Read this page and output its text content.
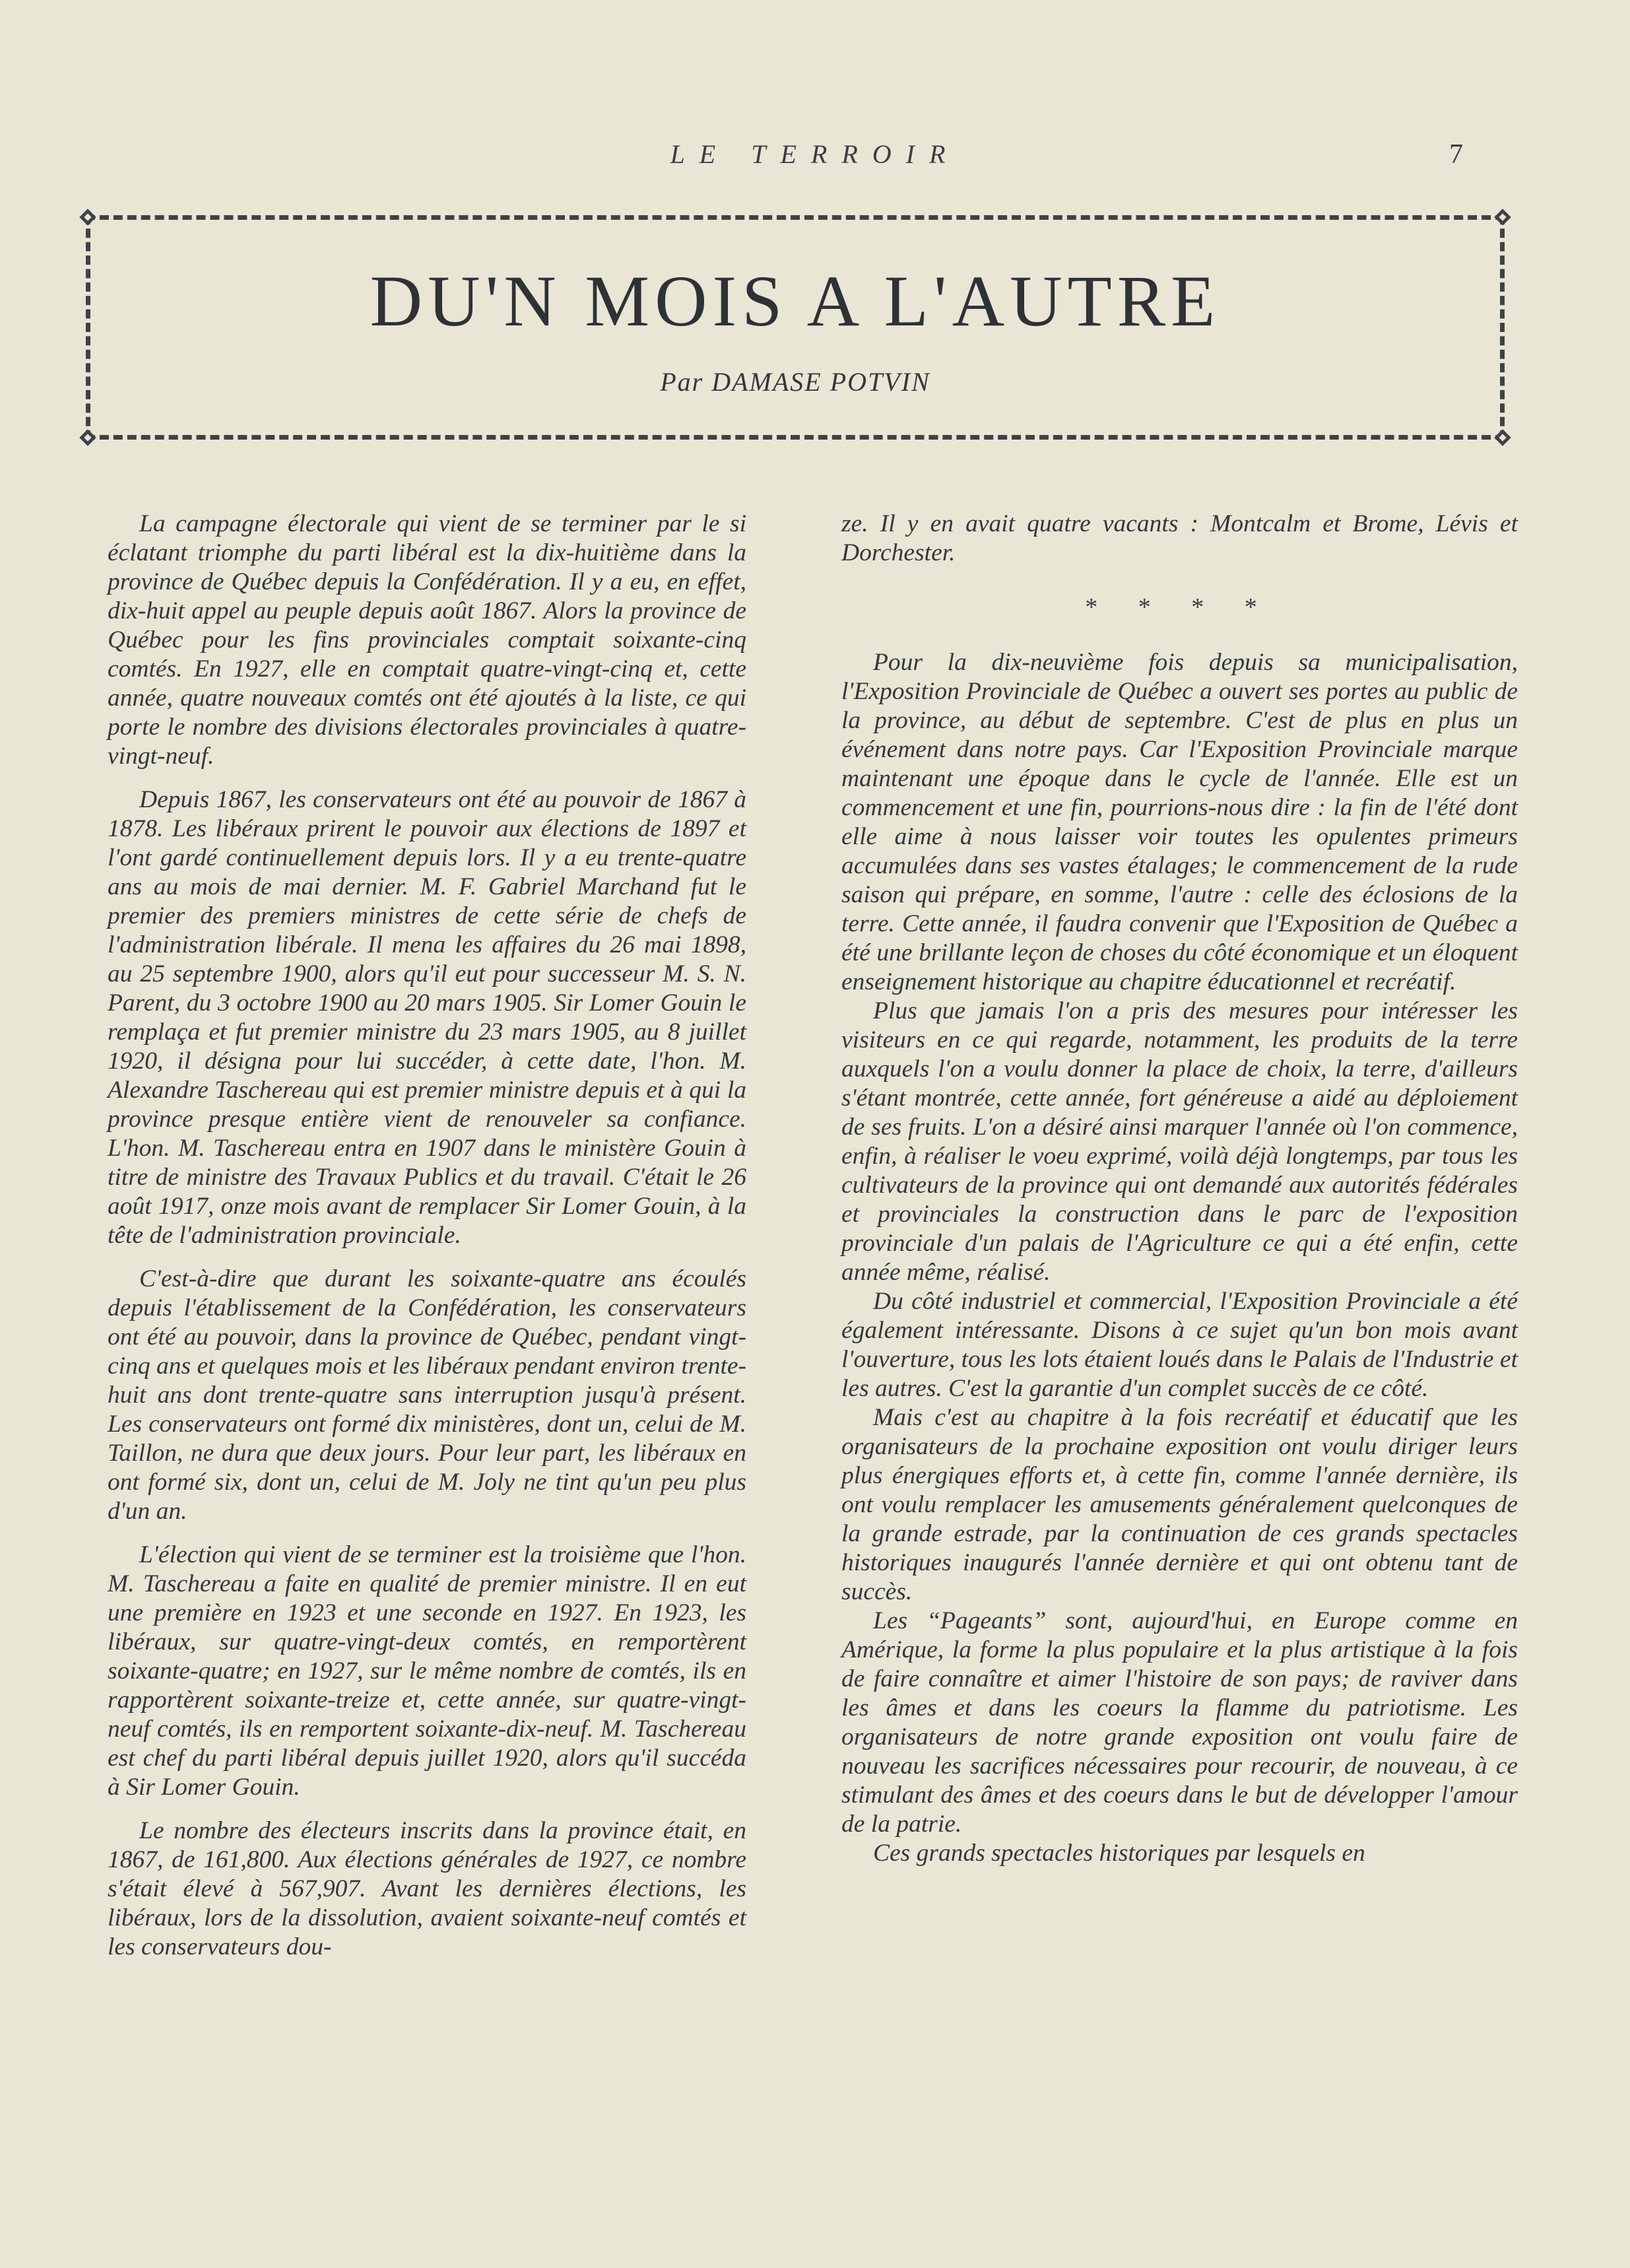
LE TERROIR	7
DU'N MOIS A L'AUTRE
Par DAMASE POTVIN

La campagne électorale qui vient de se terminer par le si éclatant triomphe du parti libéral est la dix-huitième dans la province de Québec depuis la Confédération. Il y a eu, en effet, dix-huit appel au peuple depuis août 1867. Alors la province de Québec pour les fins provinciales comptait soixante-cinq comtés. En 1927, elle en comptait quatre-vingt-cinq et, cette année, quatre nouveaux comtés ont été ajoutés à la liste, ce qui porte le nombre des divisions électorales provinciales à quatre-vingt-neuf.

Depuis 1867, les conservateurs ont été au pouvoir de 1867 à 1878. Les libéraux prirent le pouvoir aux élections de 1897 et l'ont gardé continuellement depuis lors. Il y a eu trente-quatre ans au mois de mai dernier. M. F. Gabriel Marchand fut le premier des premiers ministres de cette série de chefs de l'administration libérale. Il mena les affaires du 26 mai 1898, au 25 septembre 1900, alors qu'il eut pour successeur M. S. N. Parent, du 3 octobre 1900 au 20 mars 1905. Sir Lomer Gouin le remplaça et fut premier ministre du 23 mars 1905, au 8 juillet 1920, il désigna pour lui succéder, à cette date, l'hon. M. Alexandre Taschereau qui est premier ministre depuis et à qui la province presque entière vient de renouveler sa confiance. L'hon. M. Taschereau entra en 1907 dans le ministère Gouin à titre de ministre des Travaux Publics et du travail. C'était le 26 août 1917, onze mois avant de remplacer Sir Lomer Gouin, à la tête de l'administration provinciale.

C'est-à-dire que durant les soixante-quatre ans écoulés depuis l'établissement de la Confédération, les conservateurs ont été au pouvoir, dans la province de Québec, pendant vingt-cinq ans et quelques mois et les libéraux pendant environ trente-huit ans dont trente-quatre sans interruption jusqu'à présent. Les conservateurs ont formé dix ministères, dont un, celui de M. Taillon, ne dura que deux jours. Pour leur part, les libéraux en ont formé six, dont un, celui de M. Joly ne tint qu'un peu plus d'un an.

L'élection qui vient de se terminer est la troisième que l'hon. M. Taschereau a faite en qualité de premier ministre. Il en eut une première en 1923 et une seconde en 1927. En 1923, les libéraux, sur quatre-vingt-deux comtés, en remportèrent soixante-quatre; en 1927, sur le même nombre de comtés, ils en rapportèrent soixante-treize et, cette année, sur quatre-vingt-neuf comtés, ils en remportent soixante-dix-neuf. M. Taschereau est chef du parti libéral depuis juillet 1920, alors qu'il succéda à Sir Lomer Gouin.

Le nombre des électeurs inscrits dans la province était, en 1867, de 161,800. Aux élections générales de 1927, ce nombre s'était élevé à 567,907. Avant les dernières élections, les libéraux, lors de la dissolution, avaient soixante-neuf comtés et les conservateurs dou-

ze. Il y en avait quatre vacants : Montcalm et Brome, Lévis et Dorchester.

* * * *

Pour la dix-neuvième fois depuis sa municipalisation, l'Exposition Provinciale de Québec a ouvert ses portes au public de la province, au début de septembre. C'est de plus en plus un événement dans notre pays. Car l'Exposition Provinciale marque maintenant une époque dans le cycle de l'année. Elle est un commencement et une fin, pourrions-nous dire : la fin de l'été dont elle aime à nous laisser voir toutes les opulentes primeurs accumulées dans ses vastes étalages; le commencement de la rude saison qui prépare, en somme, l'autre : celle des éclosions de la terre. Cette année, il faudra convenir que l'Exposition de Québec a été une brillante leçon de choses du côté économique et un éloquent enseignement historique au chapitre éducationnel et recréatif.

Plus que jamais l'on a pris des mesures pour intéresser les visiteurs en ce qui regarde, notamment, les produits de la terre auxquels l'on a voulu donner la place de choix, la terre, d'ailleurs s'étant montrée, cette année, fort généreuse a aidé au déploiement de ses fruits. L'on a désiré ainsi marquer l'année où l'on commence, enfin, à réaliser le voeu exprimé, voilà déjà longtemps, par tous les cultivateurs de la province qui ont demandé aux autorités fédérales et provinciales la construction dans le parc de l'exposition provinciale d'un palais de l'Agriculture ce qui a été enfin, cette année même, réalisé.

Du côté industriel et commercial, l'Exposition Provinciale a été également intéressante. Disons à ce sujet qu'un bon mois avant l'ouverture, tous les lots étaient loués dans le Palais de l'Industrie et les autres. C'est la garantie d'un complet succès de ce côté.

Mais c'est au chapitre à la fois recréatif et éducatif que les organisateurs de la prochaine exposition ont voulu diriger leurs plus énergiques efforts et, à cette fin, comme l'année dernière, ils ont voulu remplacer les amusements généralement quelconques de la grande estrade, par la continuation de ces grands spectacles historiques inaugurés l'année dernière et qui ont obtenu tant de succès.

Les “Pageants” sont, aujourd'hui, en Europe comme en Amérique, la forme la plus populaire et la plus artistique à la fois de faire connaître et aimer l'histoire de son pays; de raviver dans les âmes et dans les coeurs la flamme du patriotisme. Les organisateurs de notre grande exposition ont voulu faire de nouveau les sacrifices nécessaires pour recourir, de nouveau, à ce stimulant des âmes et des coeurs dans le but de développer l'amour de la patrie.

Ces grands spectacles historiques par lesquels en
